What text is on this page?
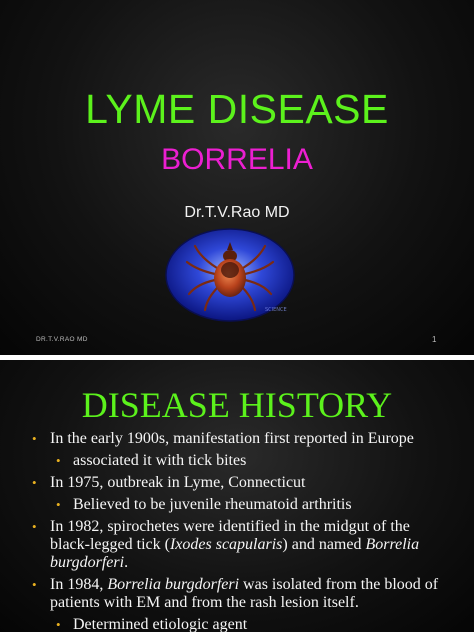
LYME DISEASE
BORRELIA
Dr.T.V.Rao MD
SCIENCE
DR.T.V.RAO MD	1
DISEASE HISTORY
• In the early 1900s, manifestation first reported in Europe
• associated it with tick bites
• In 1975, outbreak in Lyme, Connecticut
• Believed to be juvenile rheumatoid arthritis
• In 1982, spirochetes were identified in the midgut of the black-legged tick (Ixodes scapularis) and named Borrelia burgdorferi.
• In 1984, Borrelia burgdorferi was isolated from the blood of patients with EM and from the rash lesion itself.
• Determined etiologic agent
